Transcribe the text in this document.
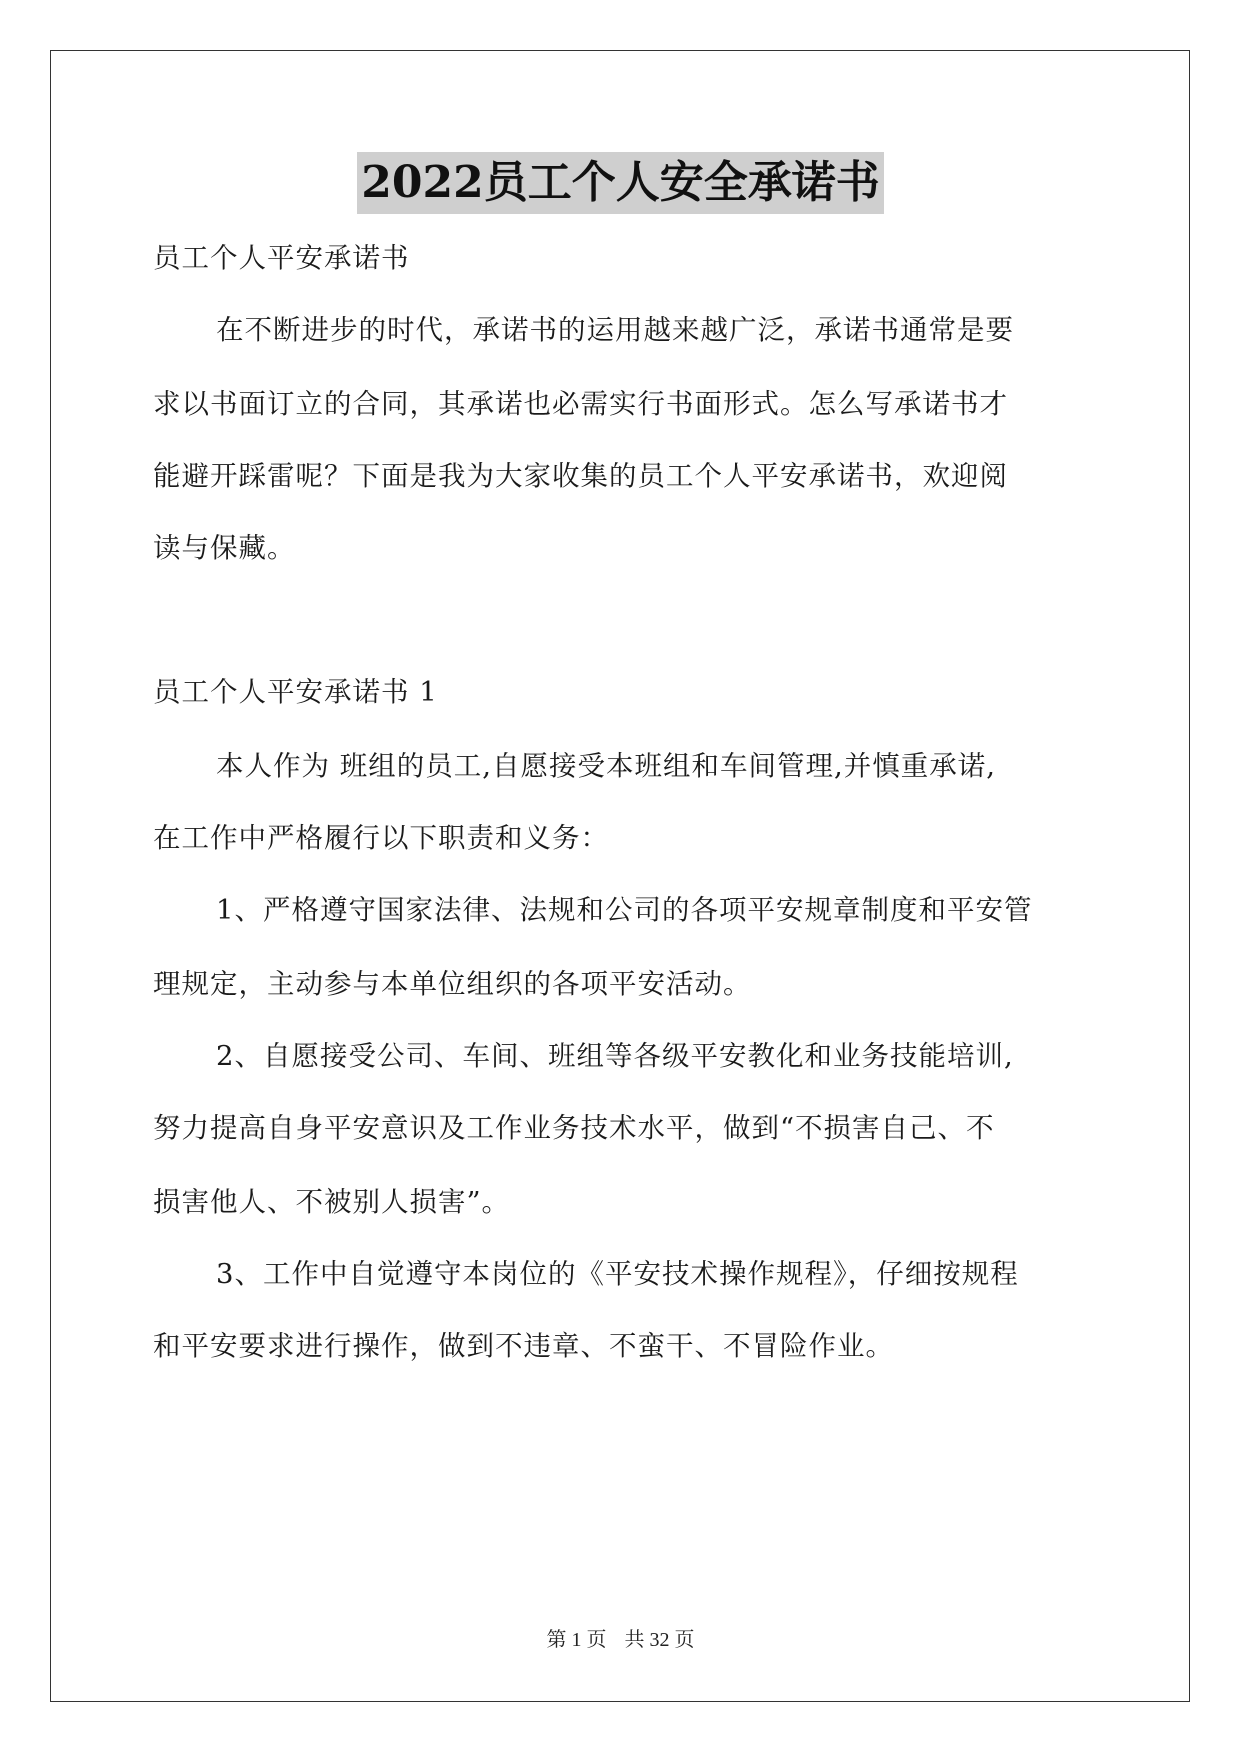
2022员工个人安全承诺书
员工个人平安承诺书
在不断进步的时代，承诺书的运用越来越广泛，承诺书通常是要
求以书面订立的合同，其承诺也必需实行书面形式。怎么写承诺书才
能避开踩雷呢？下面是我为大家收集的员工个人平安承诺书，欢迎阅
读与保藏。
员工个人平安承诺书 1
本人作为 班组的员工,自愿接受本班组和车间管理,并慎重承诺,
在工作中严格履行以下职责和义务：
1、严格遵守国家法律、法规和公司的各项平安规章制度和平安管
理规定，主动参与本单位组织的各项平安活动。
2、自愿接受公司、车间、班组等各级平安教化和业务技能培训,
努力提高自身平安意识及工作业务技术水平，做到“不损害自己、不
损害他人、不被别人损害”。
3、工作中自觉遵守本岗位的《平安技术操作规程》，仔细按规程
和平安要求进行操作，做到不违章、不蛮干、不冒险作业。
第 1 页 共 32 页
